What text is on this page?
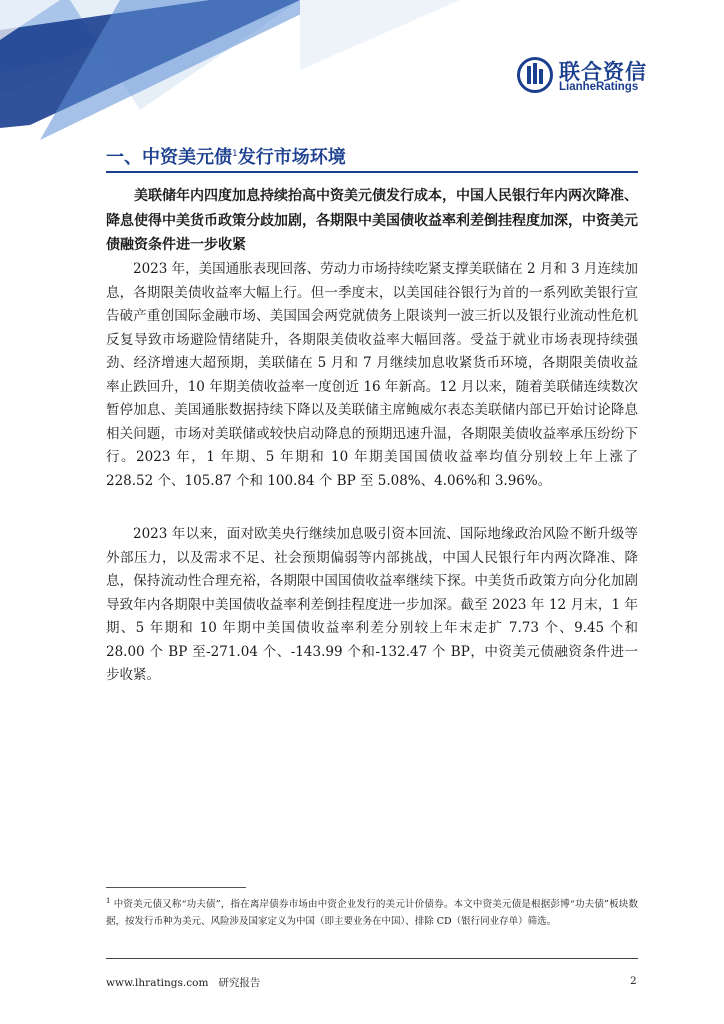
联合资信
LianheRatings
一、中资美元债$^1$发行市场环境

美联储年内四度加息持续抬高中资美元债发行成本，中国人民银行年内两次降准、降息使得中美货币政策分歧加剧，各期限中美国债收益率利差倒挂程度加深，中资美元债融资条件进一步收紧

2023 年，美国通胀表现回落、劳动力市场持续吃紧支撑美联储在 2 月和 3 月连续加息，各期限美债收益率大幅上行。但一季度末，以美国硅谷银行为首的一系列欧美银行宣告破产重创国际金融市场、美国国会两党就债务上限谈判一波三折以及银行业流动性危机反复导致市场避险情绪陡升，各期限美债收益率大幅回落。受益于就业市场表现持续强劲、经济增速大超预期，美联储在 5 月和 7 月继续加息收紧货币环境，各期限美债收益率止跌回升，10 年期美债收益率一度创近 16 年新高。12 月以来，随着美联储连续数次暂停加息、美国通胀数据持续下降以及美联储主席鲍威尔表态美联储内部已开始讨论降息相关问题，市场对美联储或较快启动降息的预期迅速升温，各期限美债收益率承压纷纷下行。2023 年，1 年期、5 年期和 10 年期美国国债收益率均值分别较上年上涨了 228.52 个、105.87 个和 100.84 个 BP 至 5.08%、4.06%和 3.96%。

2023 年以来，面对欧美央行继续加息吸引资本回流、国际地缘政治风险不断升级等外部压力，以及需求不足、社会预期偏弱等内部挑战，中国人民银行年内两次降准、降息，保持流动性合理充裕，各期限中国国债收益率继续下探。中美货币政策方向分化加剧导致年内各期限中美国债收益率利差倒挂程度进一步加深。截至 2023 年 12 月末，1 年期、5 年期和 10 年期中美国债收益率利差分别较上年末走扩 7.73 个、9.45 个和 28.00 个 BP 至-271.04 个、-143.99 个和-132.47 个 BP，中资美元债融资条件进一步收紧。

$^1$ 中资美元债又称“功夫债”，指在离岸债券市场由中资企业发行的美元计价债券。本文中资美元债是根据彭博“功夫债”板块数据，按发行币种为美元、风险涉及国家定义为中国（即主要业务在中国）、排除 CD（银行同业存单）筛选。

www.lhratings.com 研究报告	2
